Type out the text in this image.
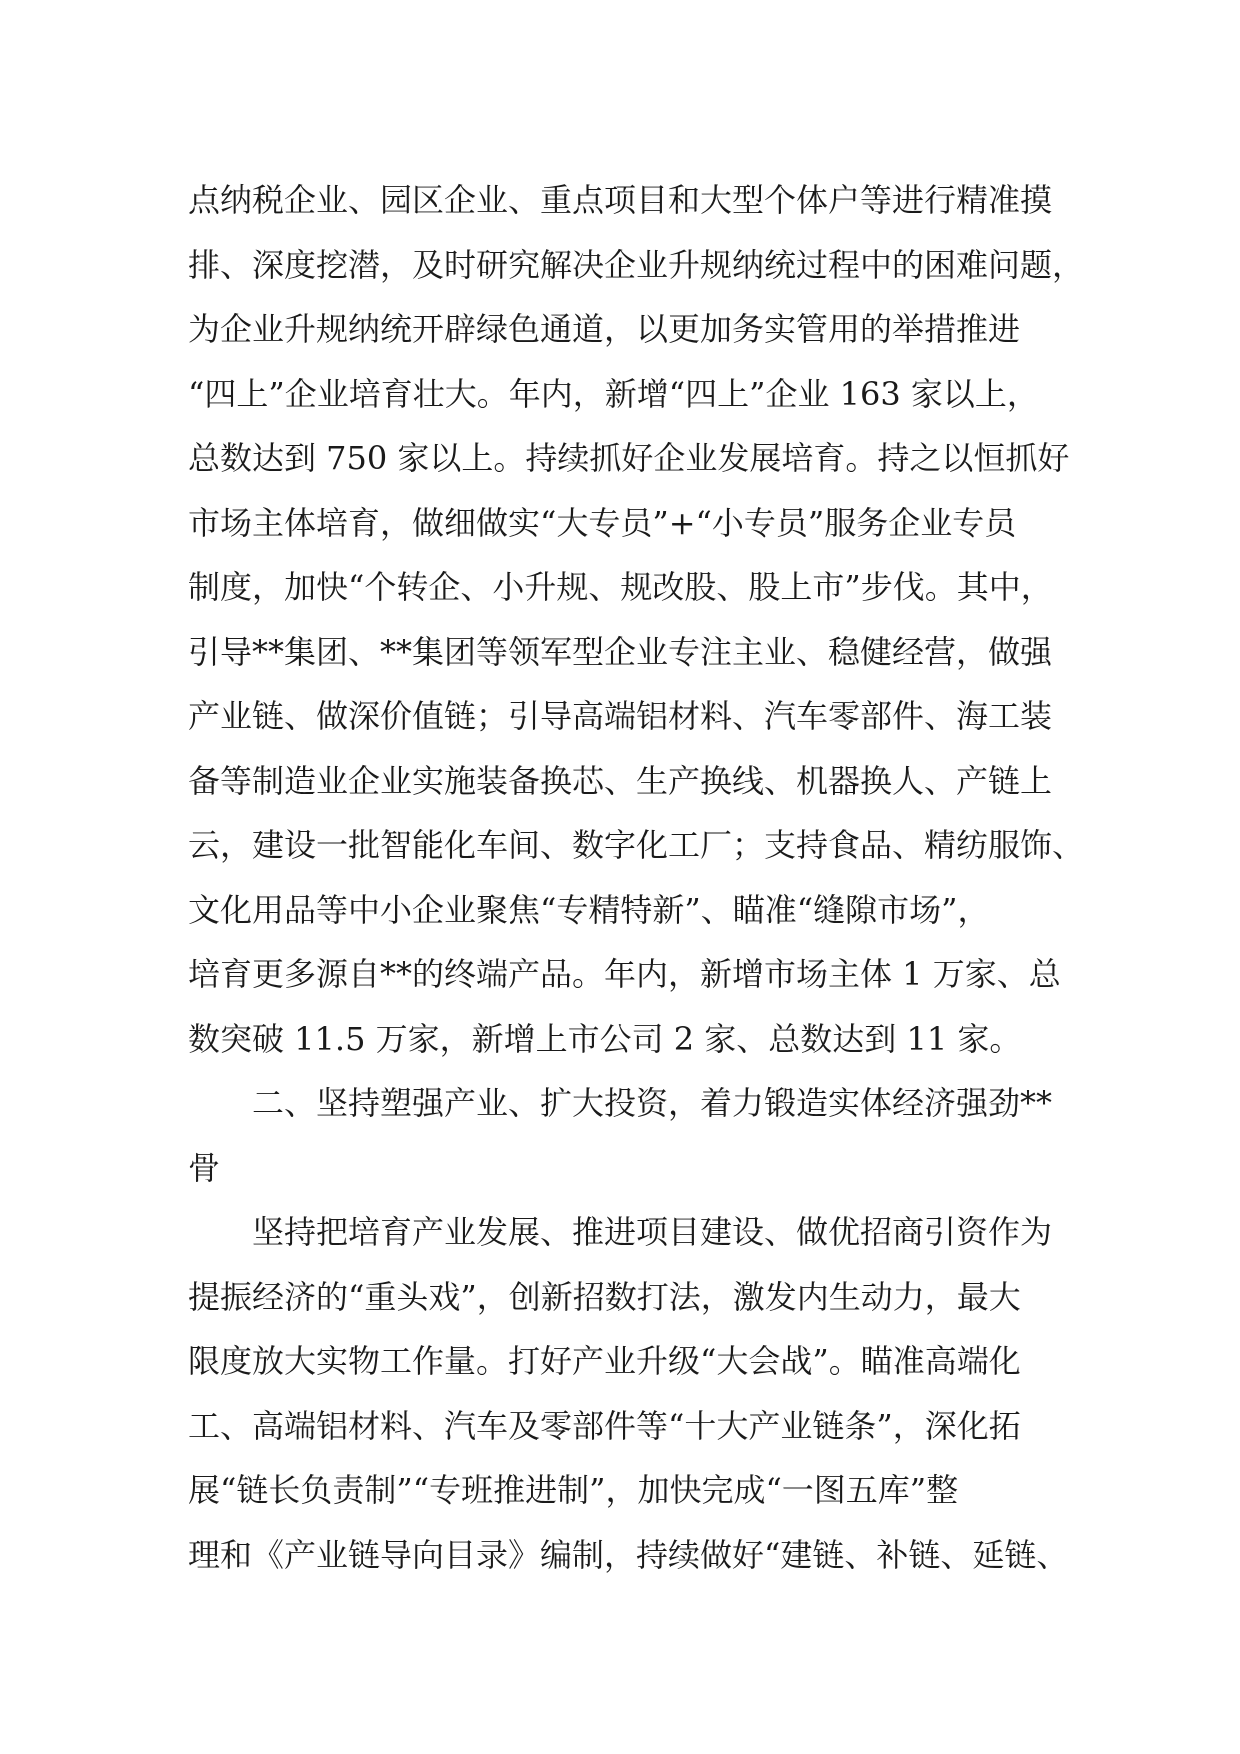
点纳税企业、园区企业、重点项目和大型个体户等进行精准摸
排、深度挖潜，及时研究解决企业升规纳统过程中的困难问题，
为企业升规纳统开辟绿色通道，以更加务实管用的举措推进
“四上”企业培育壮大。年内，新增“四上”企业 163 家以上，
总数达到 750 家以上。持续抓好企业发展培育。持之以恒抓好
市场主体培育，做细做实“大专员”+“小专员”服务企业专员
制度，加快“个转企、小升规、规改股、股上市”步伐。其中，
引导**集团、**集团等领军型企业专注主业、稳健经营，做强
产业链、做深价值链；引导高端铝材料、汽车零部件、海工装
备等制造业企业实施装备换芯、生产换线、机器换人、产链上
云，建设一批智能化车间、数字化工厂；支持食品、精纺服饰、
文化用品等中小企业聚焦“专精特新”、瞄准“缝隙市场”，
培育更多源自**的终端产品。年内，新增市场主体 1 万家、总
数突破 11.5 万家，新增上市公司 2 家、总数达到 11 家。
二、坚持塑强产业、扩大投资，着力锻造实体经济强劲**
骨
坚持把培育产业发展、推进项目建设、做优招商引资作为
提振经济的“重头戏”，创新招数打法，激发内生动力，最大
限度放大实物工作量。打好产业升级“大会战”。瞄准高端化
工、高端铝材料、汽车及零部件等“十大产业链条”，深化拓
展“链长负责制”“专班推进制”，加快完成“一图五库”整
理和《产业链导向目录》编制，持续做好“建链、补链、延链、
